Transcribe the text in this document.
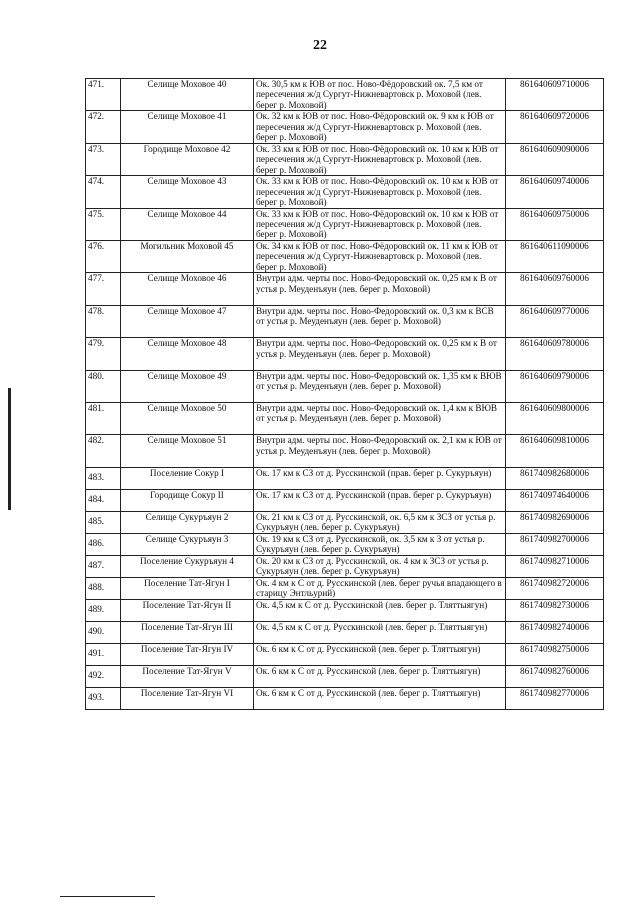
22
471.	Селище Моховое 40	Ок. 30,5 км к ЮВ от пос. Ново-Фёдоровский ок. 7,5 км от пересечения ж/д Сургут-Нижневартовск р. Моховой (лев. берег р. Моховой)	861640609710006
472.	Селище Моховое 41	Ок. 32 км к ЮВ от пос. Ново-Фёдоровский ок. 9 км к ЮВ от пересечения ж/д Сургут-Нижневартовск р. Моховой (лев. берег р. Моховой)	861640609720006
473.	Городище Моховое 42	Ок. 33 км к ЮВ от пос. Ново-Фёдоровский ок. 10 км к ЮВ от пересечения ж/д Сургут-Нижневартовск р. Моховой (лев. берег р. Моховой)	861640609090006
474.	Селище Моховое 43	Ок. 33 км к ЮВ от пос. Ново-Фёдоровский ок. 10 км к ЮВ от пересечения ж/д Сургут-Нижневартовск р. Моховой (лев. берег р. Моховой)	861640609740006
475.	Селище Моховое 44	Ок. 33 км к ЮВ от пос. Ново-Фёдоровский ок. 10 км к ЮВ от пересечения ж/д Сургут-Нижневартовск р. Моховой (лев. берег р. Моховой)	861640609750006
476.	Могильник Моховой 45	Ок. 34 км к ЮВ от пос. Ново-Фёдоровский ок. 11 км к ЮВ от пересечения ж/д Сургут-Нижневартовск р. Моховой (лев. берег р. Моховой)	861640611090006
477.	Селище Моховое 46	Внутри адм. черты пос. Ново-Федоровский ок. 0,25 км к В от устья р. Меуденъяун (лев. берег р. Моховой)	861640609760006
478.	Селище Моховое 47	Внутри адм. черты пос. Ново-Федоровский ок. 0,3 км к ВСВ от устья р. Меуденъяун (лев. берег р. Моховой)	861640609770006
479.	Селище Моховое 48	Внутри адм. черты пос. Ново-Федоровский ок. 0,25 км к В от устья р. Меуденъяун (лев. берег р. Моховой)	861640609780006
480.	Селище Моховое 49	Внутри адм. черты пос. Ново-Федоровский ок. 1,35 км к ВЮВ от устья р. Меуденъяун (лев. берег р. Моховой)	861640609790006
481.	Селище Моховое 50	Внутри адм. черты пос. Ново-Федоровский ок. 1,4 км к ВЮВ от устья р. Меуденъяун (лев. берег р. Моховой)	861640609800006
482.	Селище Моховое 51	Внутри адм. черты пос. Ново-Федоровский ок. 2,1 км к ЮВ от устья р. Меуденъяун (лев. берег р. Моховой)	861640609810006
483.	Поселение Сокур I	Ок. 17 км к СЗ от д. Русскинской (прав. берег р. Сукуръяун)	861740982680006
484.	Городище Сокур II	Ок. 17 км к СЗ от д. Русскинской (прав. берег р. Сукуръяун)	861740974640006
485.	Селище Сукуръяун 2	Ок. 21 км к СЗ от д. Русскинской, ок. 6,5 км к ЗСЗ от устья р. Сукуръяун (лев. берег р. Сукуръяун)	861740982690006
486.	Селище Сукуръяун 3	Ок. 19 км к СЗ от д. Русскинской, ок. 3,5 км к З от устья р. Сукуръяун (лев. берег р. Сукуръяун)	861740982700006
487.	Поселение Сукуръяун 4	Ок. 20 км к СЗ от д. Русскинской, ок. 4 км к ЗСЗ от устья р. Сукуръяун (лев. берег р. Сукуръяун)	861740982710006
488.	Поселение Тат-Ягун I	Ок. 4 км к С от д. Русскинской (лев. берег ручья впадающего в старицу Энтльурий)	861740982720006
489.	Поселение Тат-Ягун II	Ок. 4,5 км к С от д. Русскинской (лев. берег р. Тляттыягун)	861740982730006
490.	Поселение Тат-Ягун III	Ок. 4,5 км к С от д. Русскинской (лев. берег р. Тляттыягун)	861740982740006
491.	Поселение Тат-Ягун IV	Ок. 6 км к С от д. Русскинской (лев. берег р. Тляттыягун)	861740982750006
492.	Поселение Тат-Ягун V	Ок. 6 км к С от д. Русскинской (лев. берег р. Тляттыягун)	861740982760006
493.	Поселение Тат-Ягун VI	Ок. 6 км к С от д. Русскинской (лев. берег р. Тляттыягун)	861740982770006
